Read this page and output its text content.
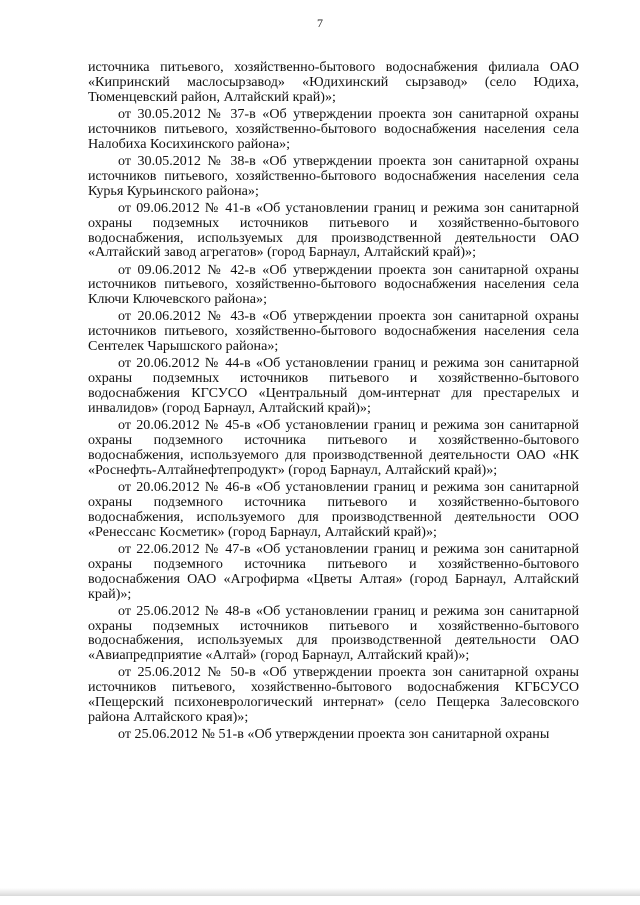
7

источника питьевого, хозяйственно-бытового водоснабжения филиала ОАО «Кипринский маслосырзавод» «Юдихинский сырзавод» (село Юдиха, Тюменцевский район, Алтайский край)»;

от 30.05.2012 № 37-в «Об утверждении проекта зон санитарной охраны источников питьевого, хозяйственно-бытового водоснабжения населения села Налобиха Косихинского района»;

от 30.05.2012 № 38-в «Об утверждении проекта зон санитарной охраны источников питьевого, хозяйственно-бытового водоснабжения населения села Курья Курьинского района»;

от 09.06.2012 № 41-в «Об установлении границ и режима зон санитарной охраны подземных источников питьевого и хозяйственно-бытового водоснабжения, используемых для производственной деятельности ОАО «Алтайский завод агрегатов» (город Барнаул, Алтайский край)»;

от 09.06.2012 № 42-в «Об утверждении проекта зон санитарной охраны источников питьевого, хозяйственно-бытового водоснабжения населения села Ключи Ключевского района»;

от 20.06.2012 № 43-в «Об утверждении проекта зон санитарной охраны источников питьевого, хозяйственно-бытового водоснабжения населения села Сентелек Чарышского района»;

от 20.06.2012 № 44-в «Об установлении границ и режима зон санитарной охраны подземных источников питьевого и хозяйственно-бытового водоснабжения КГСУСО «Центральный дом-интернат для престарелых и инвалидов» (город Барнаул, Алтайский край)»;

от 20.06.2012 № 45-в «Об установлении границ и режима зон санитарной охраны подземного источника питьевого и хозяйственно-бытового водоснабжения, используемого для производственной деятельности ОАО «НК «Роснефть-Алтайнефтепродукт» (город Барнаул, Алтайский край)»;

от 20.06.2012 № 46-в «Об установлении границ и режима зон санитарной охраны подземного источника питьевого и хозяйственно-бытового водоснабжения, используемого для производственной деятельности ООО «Ренессанс Косметик» (город Барнаул, Алтайский край)»;

от 22.06.2012 № 47-в «Об установлении границ и режима зон санитарной охраны подземного источника питьевого и хозяйственно-бытового водоснабжения ОАО «Агрофирма «Цветы Алтая» (город Барнаул, Алтайский край)»;

от 25.06.2012 № 48-в «Об установлении границ и режима зон санитарной охраны подземных источников питьевого и хозяйственно-бытового водоснабжения, используемых для производственной деятельности ОАО «Авиапредприятие «Алтай» (город Барнаул, Алтайский край)»;

от 25.06.2012 № 50-в «Об утверждении проекта зон санитарной охраны источников питьевого, хозяйственно-бытового водоснабжения КГБСУСО «Пещерский психоневрологический интернат» (село Пещерка Залесовского района Алтайского края)»;

от 25.06.2012 № 51-в «Об утверждении проекта зон санитарной охраны
